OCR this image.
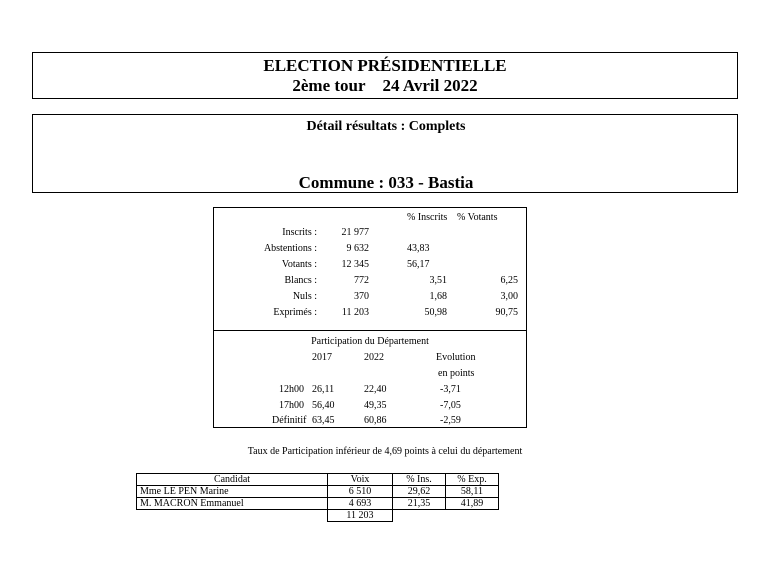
ELECTION PRÉSIDENTIELLE
2ème tour 24 Avril 2022
Détail résultats : Complets
Commune : 033 - Bastia
% Inscrits % Votants
Inscrits : 21 977
Abstentions :	9 632	43,83
Votants : 12 345	56,17
Blancs :	772	3,51	6,25
Nuls :	370	1,68	3,00
Exprimés : 11 203	50,98	90,75
Participation du Département
2017	2022	Evolution
en points
12h00 26,11	22,40	-3,71
17h00 56,40	49,35	-7,05
Définitif 63,45	60,86	-2,59
Taux de Participation inférieur de 4,69 points à celui du département
Candidat	Voix	% Ins.	% Exp.
Mme LE PEN Marine	6 510	29,62	58,11
M. MACRON Emmanuel	4 693	21,35	41,89
	11 203		
